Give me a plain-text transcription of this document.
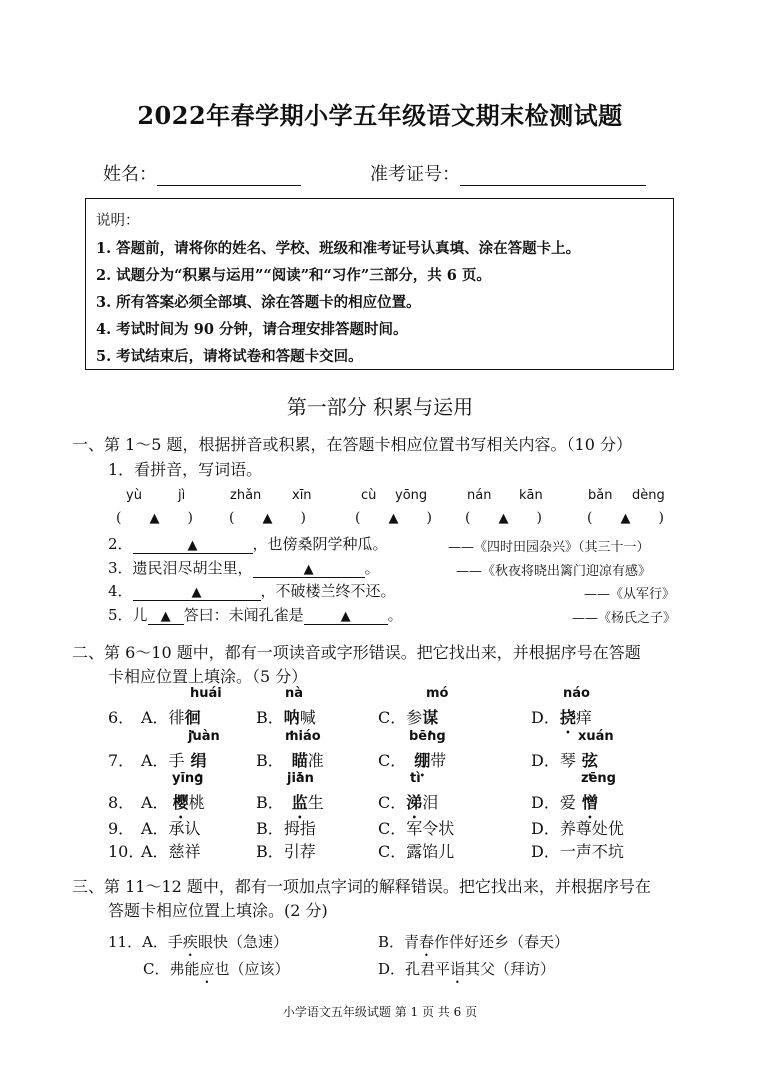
2022年春学期小学五年级语文期末检测试题
姓名：	准考证号：
说明：
1. 答题前，请将你的姓名、学校、班级和准考证号认真填、涂在答题卡上。
2. 试题分为“积累与运用”“阅读”和“习作”三部分，共 6 页。
3. 所有答案必须全部填、涂在答题卡的相应位置。
4. 考试时间为 90 分钟，请合理安排答题时间。
5. 考试结束后，请将试卷和答题卡交回。
第一部分 积累与运用
一、第 1～5 题，根据拼音或积累，在答题卡相应位置书写相关内容。（10 分）
1．看拼音，写词语。
yù	jì	zhǎn xīn	cù yōng	nán kān	bǎn dèng
( ▲ )	( ▲ )	( ▲ ) ( ▲ )	( ▲ )
2．	▲	，也傍桑阴学种瓜。	——《四时田园杂兴》（其三十一）
3．遗民泪尽胡尘里，	▲	。	——《秋夜将晓出篱门迎凉有感》
4．	▲	，不破楼兰终不还。	——《从军行》
5．儿 ▲ 答曰：未闻孔雀是	▲ 。	——《杨氏之子》
二、第 6～10 题中，都有一项读音或字形错误。把它找出来，并根据序号在答题
卡相应位置上填涂。（5 分）
huái	nà	mó	náo
6． A．徘徊	B．呐喊	C．参谋	D．挠痒
juàn	miáo	bēng	xuán
7． A．手 绢	B． 瞄准	C． 绷带	D．琴 弦
yīng	jiān	tì	zēng
8． A． 樱桃	B． 监生	C．涕泪	D．爱 憎
9． A．承认	B．拇指	C．军令状	D．养尊处优
10．
A．慈祥	B．引荐	C．露馅儿	D．一声不坑
三、第 11～12 题中，都有一项加点字词的解释错误。把它找出来，并根据序号在
答题卡相应位置上填涂。(2 分)
11．A．手疾眼快（急速）	B．青春作伴好还乡（春天）
C．弗能应也（应该）	D．孔君平诣其父（拜访）
小学语文五年级试题 第 1 页 共 6 页
